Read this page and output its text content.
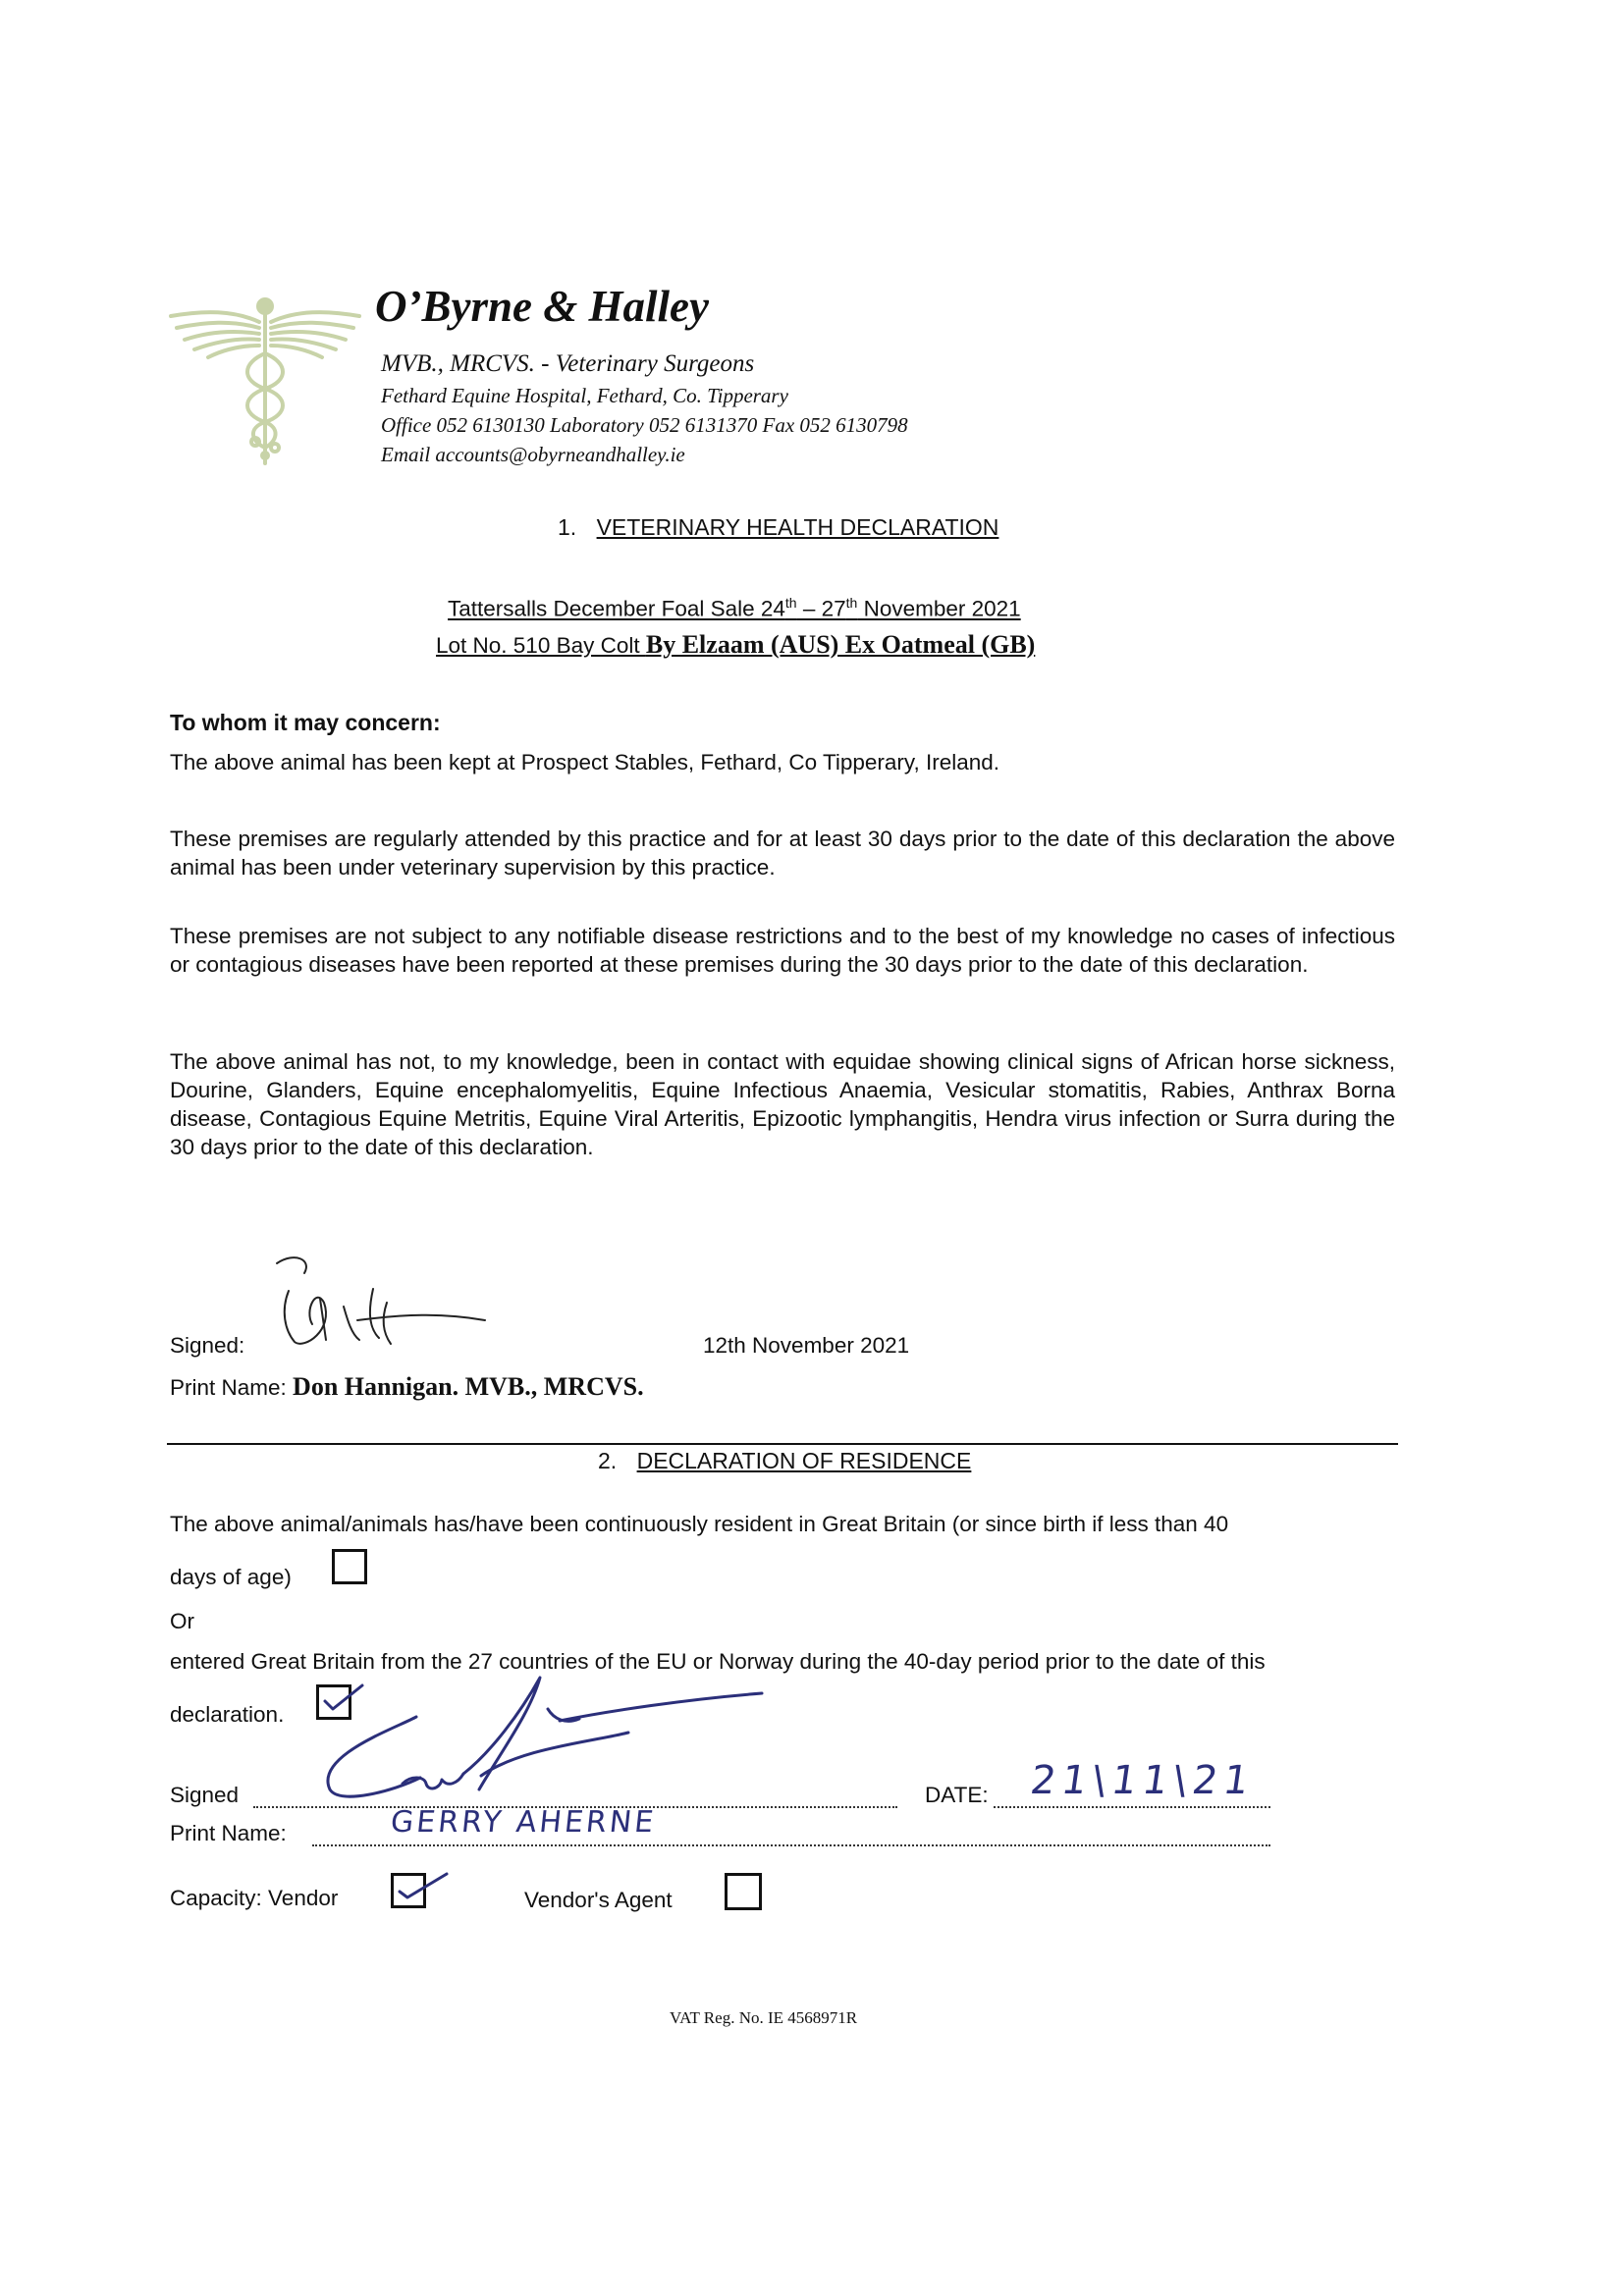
O’Byrne & Halley
MVB., MRCVS. - Veterinary Surgeons
Fethard Equine Hospital, Fethard, Co. Tipperary
Office 052 6130130 Laboratory 052 6131370 Fax 052 6130798
Email accounts@obyrneandhalley.ie
1. VETERINARY HEALTH DECLARATION
Tattersalls December Foal Sale 24th – 27th November 2021
Lot No. 510 Bay Colt By Elzaam (AUS) Ex Oatmeal (GB)
To whom it may concern:
The above animal has been kept at Prospect Stables, Fethard, Co Tipperary, Ireland.
These premises are regularly attended by this practice and for at least 30 days prior to the date of this declaration the above animal has been under veterinary supervision by this practice.
These premises are not subject to any notifiable disease restrictions and to the best of my knowledge no cases of infectious or contagious diseases have been reported at these premises during the 30 days prior to the date of this declaration.
The above animal has not, to my knowledge, been in contact with equidae showing clinical signs of African horse sickness, Dourine, Glanders, Equine encephalomyelitis, Equine Infectious Anaemia, Vesicular stomatitis, Rabies, Anthrax Borna disease, Contagious Equine Metritis, Equine Viral Arteritis, Epizootic lymphangitis, Hendra virus infection or Surra during the 30 days prior to the date of this declaration.
Signed:	12th November 2021
Print Name: Don Hannigan. MVB., MRCVS.
2. DECLARATION OF RESIDENCE
The above animal/animals has/have been continuously resident in Great Britain (or since birth if less than 40
days of age)
Or
entered Great Britain from the 27 countries of the EU or Norway during the 40-day period prior to the date of this
declaration.
Signed	DATE: 21\11\21
Print Name:	GERRY AHERNE
Capacity: Vendor	Vendor's Agent
VAT Reg. No. IE 4568971R
